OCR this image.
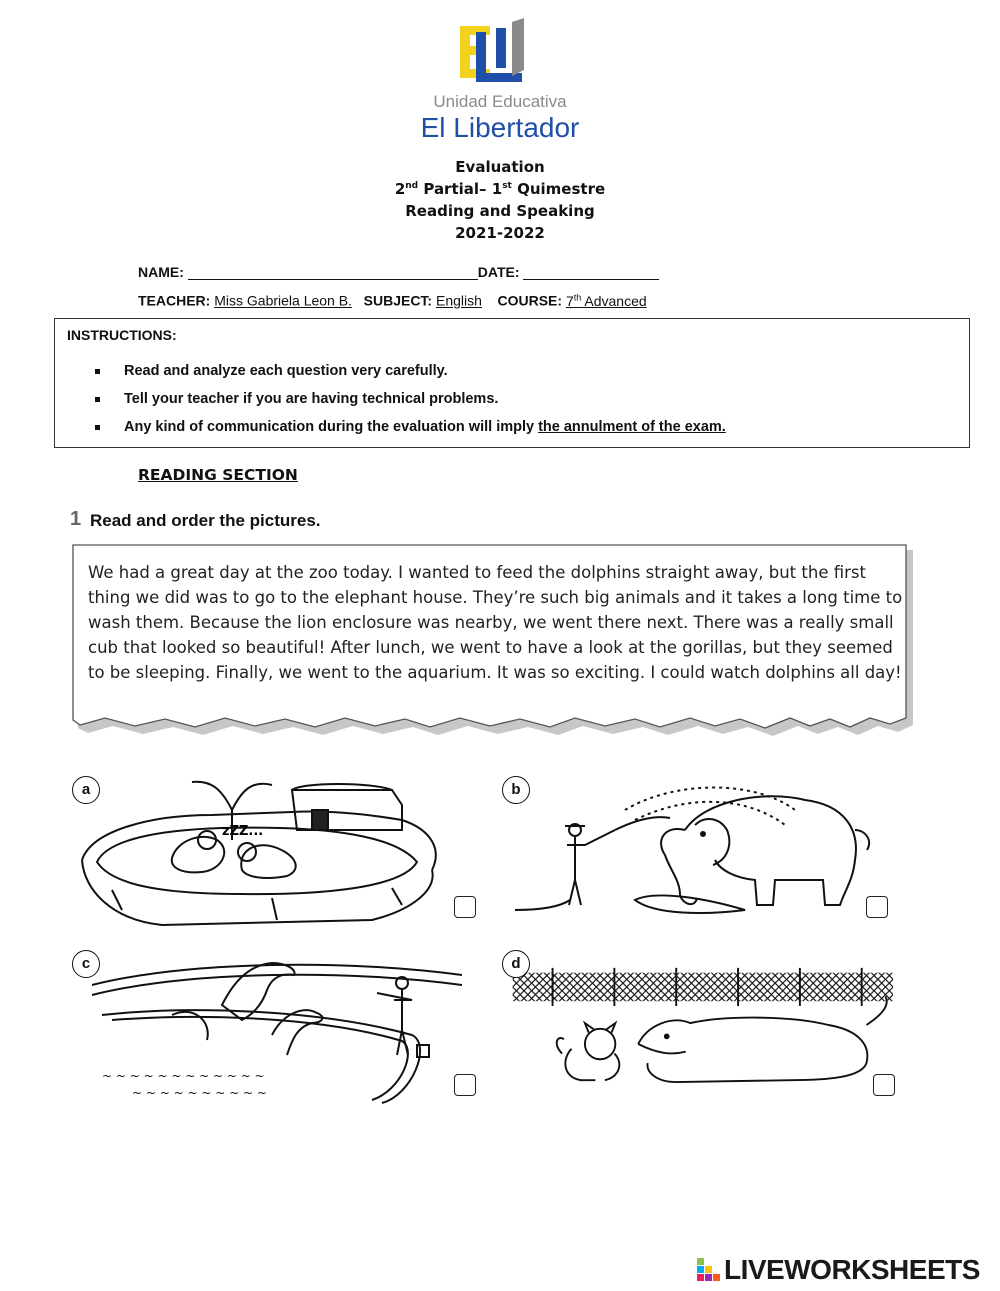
Unidad Educativa
El Libertador
Evaluation
2nd Partial– 1st Quimestre
Reading and Speaking
2021-2022
NAME:	DATE:
TEACHER: Miss Gabriela Leon B. SUBJECT: English COURSE: 7th Advanced
INSTRUCTIONS:
Read and analyze each question very carefully.
Tell your teacher if you are having technical problems.
Any kind of communication during the evaluation will imply the annulment of the exam.
READING SECTION
1 Read and order the pictures.
We had a great day at the zoo today. I wanted to feed the dolphins straight away, but the first thing we did was to go to the elephant house. They’re such big animals and it takes a long time to wash them. Because the lion enclosure was nearby, we went there next. There was a really small cub that looked so beautiful! After lunch, we went to have a look at the gorillas, but they seemed to be sleeping. Finally, we went to the aquarium. It was so exciting. I could watch dolphins all day!
zZZ...
a	b
~ ~ ~ ~ ~ ~ ~ ~ ~ ~ ~ ~
~ ~ ~ ~ ~ ~ ~ ~ ~ ~
c	d
LIVEWORKSHEETS
